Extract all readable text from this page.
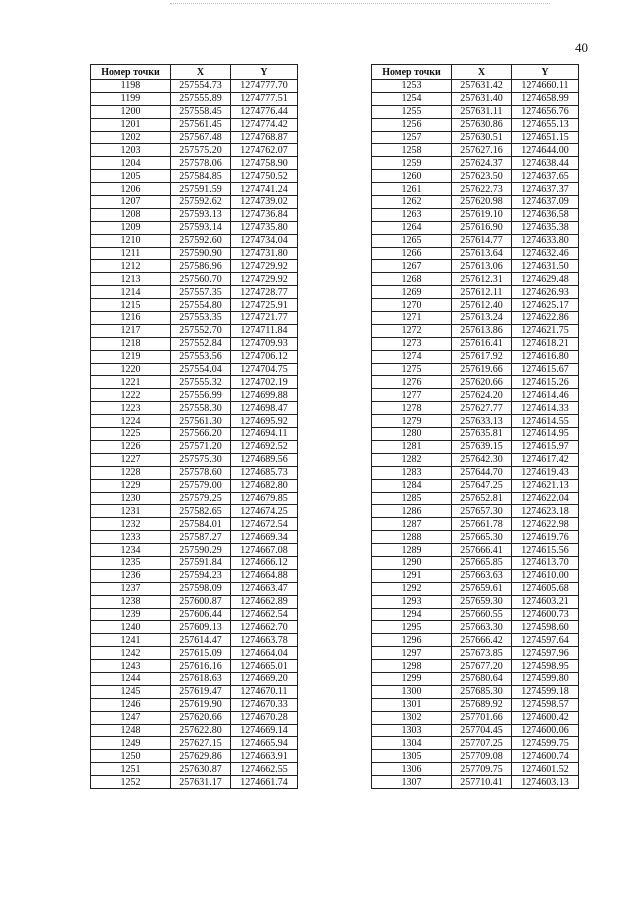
40
Номер точки	X	Y
1198	257554.73	1274777.70
1199	257555.89	1274777.51
1200	257558.45	1274776.44
1201	257561.45	1274774.42
1202	257567.48	1274768.87
1203	257575.20	1274762.07
1204	257578.06	1274758.90
1205	257584.85	1274750.52
1206	257591.59	1274741.24
1207	257592.62	1274739.02
1208	257593.13	1274736.84
1209	257593.14	1274735.80
1210	257592.60	1274734.04
1211	257590.90	1274731.80
1212	257586.96	1274729.92
1213	257560.70	1274729.92
1214	257557.35	1274728.77
1215	257554.80	1274725.91
1216	257553.35	1274721.77
1217	257552.70	1274711.84
1218	257552.84	1274709.93
1219	257553.56	1274706.12
1220	257554.04	1274704.75
1221	257555.32	1274702.19
1222	257556.99	1274699.88
1223	257558.30	1274698.47
1224	257561.30	1274695.92
1225	257566.20	1274694.11
1226	257571.20	1274692.52
1227	257575.30	1274689.56
1228	257578.60	1274685.73
1229	257579.00	1274682.80
1230	257579.25	1274679.85
1231	257582.65	1274674.25
1232	257584.01	1274672.54
1233	257587.27	1274669.34
1234	257590.29	1274667.08
1235	257591.84	1274666.12
1236	257594.23	1274664.88
1237	257598.09	1274663.47
1238	257600.87	1274662.89
1239	257606.44	1274662.54
1240	257609.13	1274662.70
1241	257614.47	1274663.78
1242	257615.09	1274664.04
1243	257616.16	1274665.01
1244	257618.63	1274669.20
1245	257619.47	1274670.11
1246	257619.90	1274670.33
1247	257620.66	1274670.28
1248	257622.80	1274669.14
1249	257627.15	1274665.94
1250	257629.86	1274663.91
1251	257630.87	1274662.55
1252	257631.17	1274661.74
Номер точки	X	Y
1253	257631.42	1274660.11
1254	257631.40	1274658.99
1255	257631.11	1274656.76
1256	257630.86	1274655.13
1257	257630.51	1274651.15
1258	257627.16	1274644.00
1259	257624.37	1274638.44
1260	257623.50	1274637.65
1261	257622.73	1274637.37
1262	257620.98	1274637.09
1263	257619.10	1274636.58
1264	257616.90	1274635.38
1265	257614.77	1274633.80
1266	257613.64	1274632.46
1267	257613.06	1274631.50
1268	257612.31	1274629.48
1269	257612.11	1274626.93
1270	257612.40	1274625.17
1271	257613.24	1274622.86
1272	257613.86	1274621.75
1273	257616.41	1274618.21
1274	257617.92	1274616.80
1275	257619.66	1274615.67
1276	257620.66	1274615.26
1277	257624.20	1274614.46
1278	257627.77	1274614.33
1279	257633.13	1274614.55
1280	257635.81	1274614.95
1281	257639.15	1274615.97
1282	257642.30	1274617.42
1283	257644.70	1274619.43
1284	257647.25	1274621.13
1285	257652.81	1274622.04
1286	257657.30	1274623.18
1287	257661.78	1274622.98
1288	257665.30	1274619.76
1289	257666.41	1274615.56
1290	257665.85	1274613.70
1291	257663.63	1274610.00
1292	257659.61	1274605.68
1293	257659.30	1274603.21
1294	257660.55	1274600.73
1295	257663.30	1274598.60
1296	257666.42	1274597.64
1297	257673.85	1274597.96
1298	257677.20	1274598.95
1299	257680.64	1274599.80
1300	257685.30	1274599.18
1301	257689.92	1274598.57
1302	257701.66	1274600.42
1303	257704.45	1274600.06
1304	257707.25	1274599.75
1305	257709.08	1274600.74
1306	257709.75	1274601.52
1307	257710.41	1274603.13
